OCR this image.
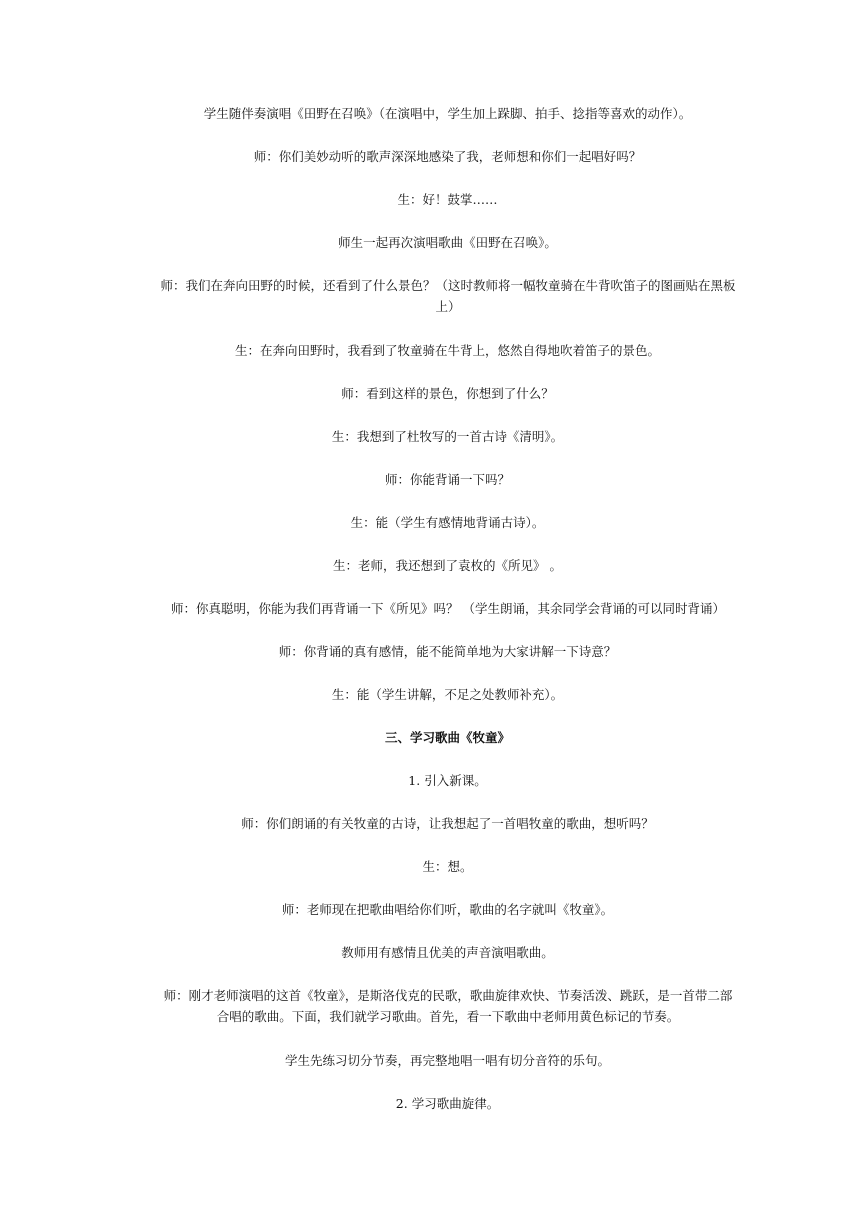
学生随伴奏演唱《田野在召唤》（在演唱中，学生加上跺脚、拍手、捻指等喜欢的动作）。

师：你们美妙动听的歌声深深地感染了我，老师想和你们一起唱好吗？

生：好！鼓掌……

师生一起再次演唱歌曲《田野在召唤》。

师：我们在奔向田野的时候，还看到了什么景色？（这时教师将一幅牧童骑在牛背吹笛子的图画贴在黑板上）

生：在奔向田野时，我看到了牧童骑在牛背上，悠然自得地吹着笛子的景色。

师：看到这样的景色，你想到了什么？

生：我想到了杜牧写的一首古诗《清明》。

师：你能背诵一下吗？

生：能（学生有感情地背诵古诗）。

生：老师，我还想到了袁枚的《所见》 。

师：你真聪明，你能为我们再背诵一下《所见》吗？ （学生朗诵，其余同学会背诵的可以同时背诵）

师：你背诵的真有感情，能不能简单地为大家讲解一下诗意？

生：能（学生讲解，不足之处教师补充）。

三、学习歌曲《牧童》

1. 引入新课。

师：你们朗诵的有关牧童的古诗，让我想起了一首唱牧童的歌曲，想听吗？

生：想。

师：老师现在把歌曲唱给你们听，歌曲的名字就叫《牧童》。

教师用有感情且优美的声音演唱歌曲。

师：刚才老师演唱的这首《牧童》，是斯洛伐克的民歌，歌曲旋律欢快、节奏活泼、跳跃，是一首带二部合唱的歌曲。下面，我们就学习歌曲。首先，看一下歌曲中老师用黄色标记的节奏。

学生先练习切分节奏，再完整地唱一唱有切分音符的乐句。

2. 学习歌曲旋律。
